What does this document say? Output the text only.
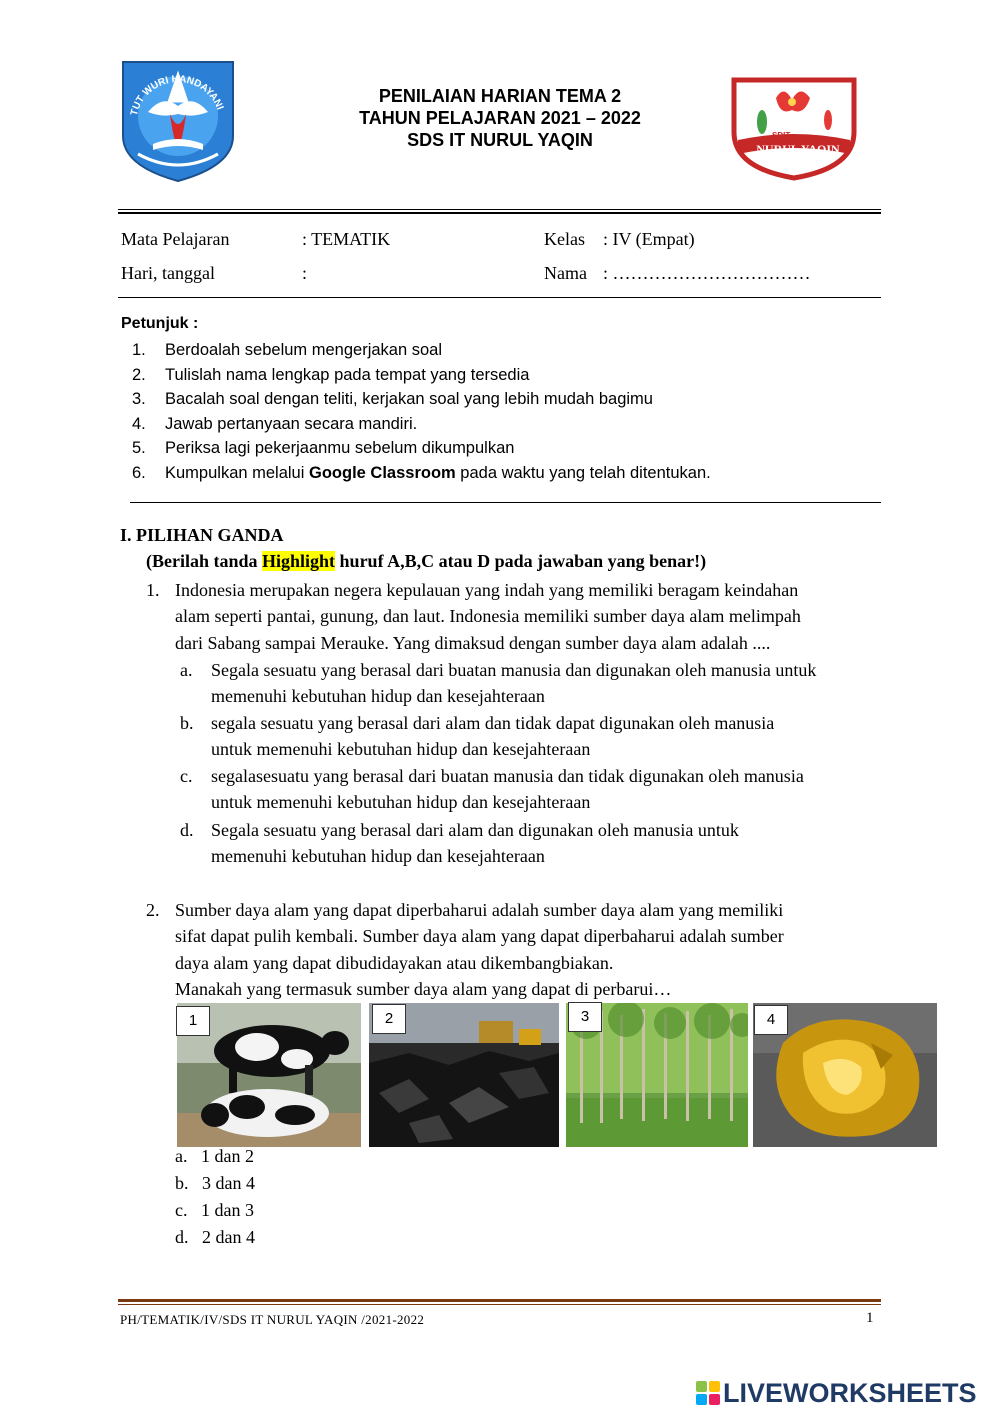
SDIT
NURUL YAQIN
TUT WURI HANDAYANI
PENILAIAN HARIAN TEMA 2
TAHUN PELAJARAN 2021 – 2022
SDS IT NURUL YAQIN
Mata Pelajaran	: TEMATIK	Kelas : IV (Empat)
Hari, tanggal	:	Nama : ……………………………
Petunjuk :
1.	Berdoalah sebelum mengerjakan soal
2.	Tulislah nama lengkap pada tempat yang tersedia
3.	Bacalah soal dengan teliti, kerjakan soal yang lebih mudah bagimu
4.	Jawab pertanyaan secara mandiri.
5.	Periksa lagi pekerjaanmu sebelum dikumpulkan
6.	Kumpulkan melalui Google Classroom pada waktu yang telah ditentukan.
I. PILIHAN GANDA
(Berilah tanda Highlight huruf A,B,C atau D pada jawaban yang benar!)
1. Indonesia merupakan negera kepulauan yang indah yang memiliki beragam keindahan
alam seperti pantai, gunung, dan laut. Indonesia memiliki sumber daya alam melimpah
dari Sabang sampai Merauke. Yang dimaksud dengan sumber daya alam adalah ....
a. Segala sesuatu yang berasal dari buatan manusia dan digunakan oleh manusia untuk
memenuhi kebutuhan hidup dan kesejahteraan
b. segala sesuatu yang berasal dari alam dan tidak dapat digunakan oleh manusia
untuk memenuhi kebutuhan hidup dan kesejahteraan
c. segalasesuatu yang berasal dari buatan manusia dan tidak digunakan oleh manusia
untuk memenuhi kebutuhan hidup dan kesejahteraan
d. Segala sesuatu yang berasal dari alam dan digunakan oleh manusia untuk
memenuhi kebutuhan hidup dan kesejahteraan
2. Sumber daya alam yang dapat diperbaharui adalah sumber daya alam yang memiliki
sifat dapat pulih kembali. Sumber daya alam yang dapat diperbaharui adalah sumber
daya alam yang dapat dibudidayakan atau dikembangbiakan.
Manakah yang termasuk sumber daya alam yang dapat di perbarui…
1	2	3	4
a. 1 dan 2
b. 3 dan 4
c. 1 dan 3
d. 2 dan 4
PH/TEMATIK/IV/SDS IT NURUL YAQIN /2021-2022	1
LIVEWORKSHEETS
